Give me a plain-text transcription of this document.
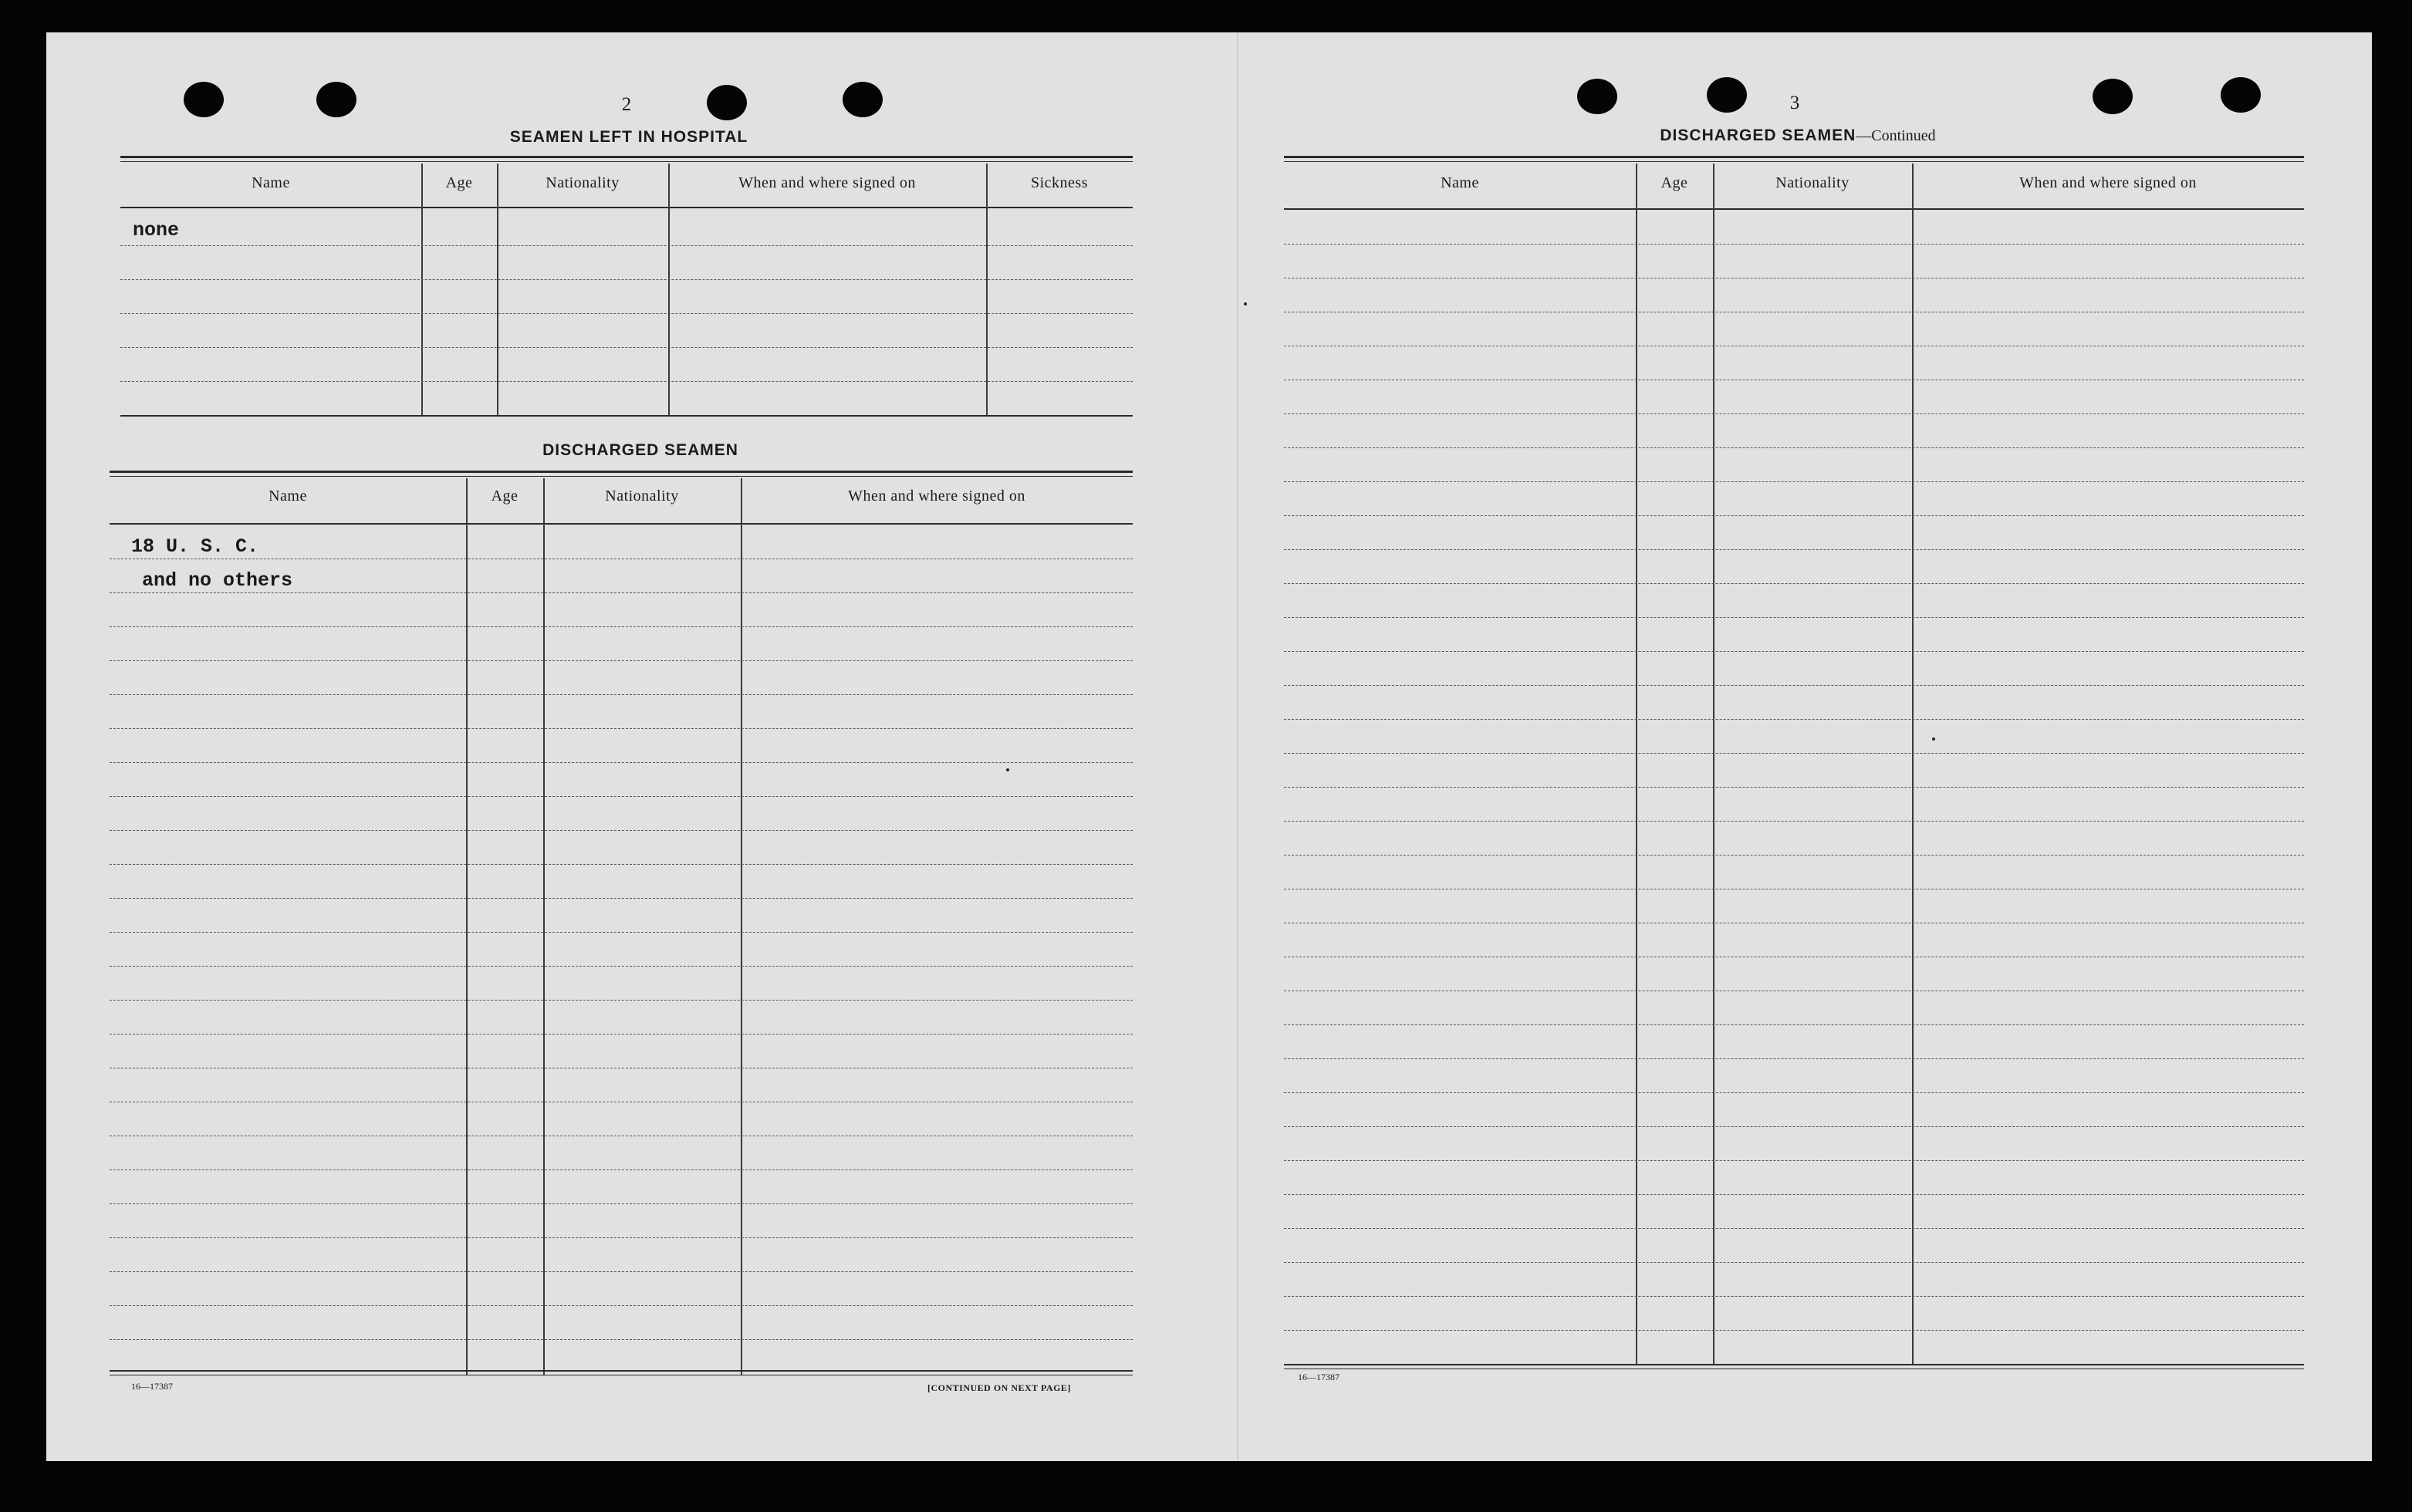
2
SEAMEN LEFT IN HOSPITAL
Name	Age	Nationality	When and where signed on	Sickness
none
DISCHARGED SEAMEN
Name	Age	Nationality	When and where signed on
18 U. S. C.
and no others
16—17387	[CONTINUED ON NEXT PAGE]
3
DISCHARGED SEAMEN—Continued
Name	Age	Nationality	When and where signed on
16—17387
